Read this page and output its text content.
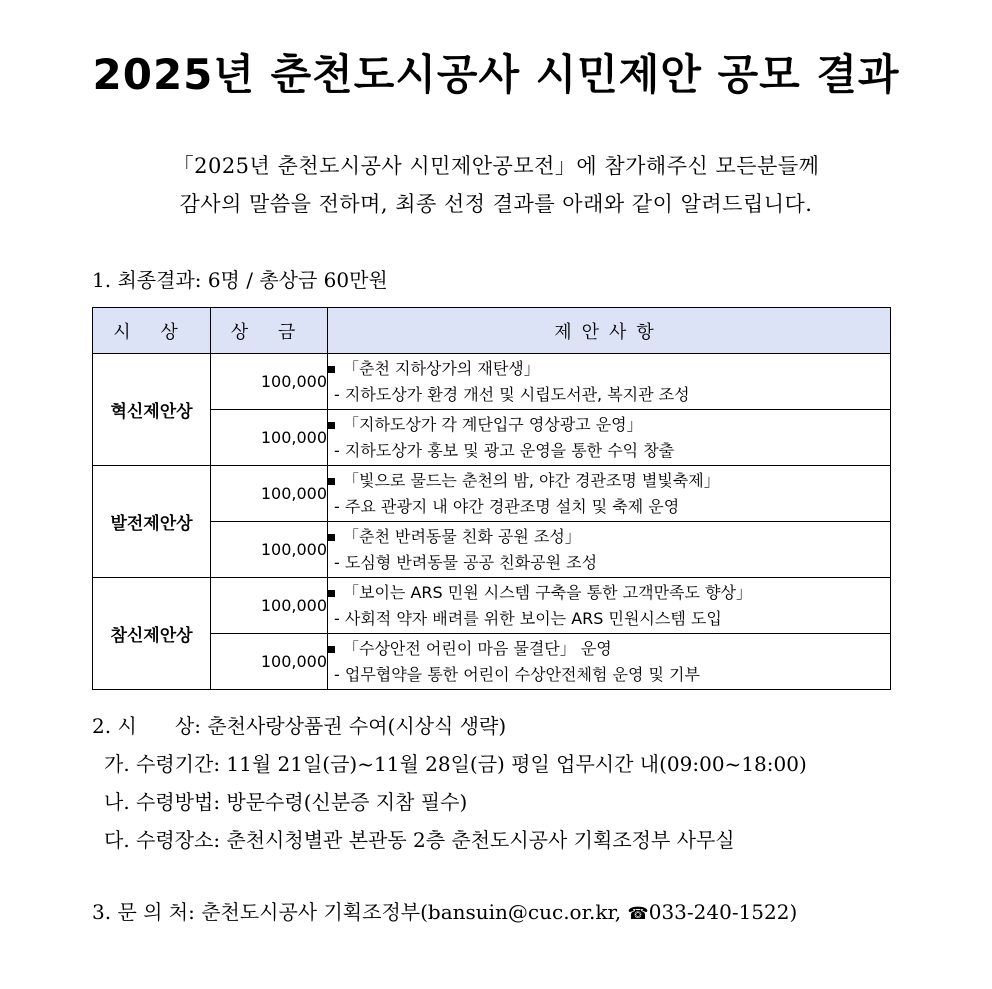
2025년 춘천도시공사 시민제안 공모 결과
「2025년 춘천도시공사 시민제안공모전」에 참가해주신 모든분들께
감사의 말씀을 전하며, 최종 선정 결과를 아래와 같이 알려드립니다.
1. 최종결과: 6명 / 총상금 60만원
시 상	상 금	제안사항
혁신제안상	100,000	「춘천 지하상가의 재탄생」
- 지하도상가 환경 개선 및 시립도서관, 복지관 조성

	100,000	「지하도상가 각 계단입구 영상광고 운영」
- 지하도상가 홍보 및 광고 운영을 통한 수익 창출

발전제안상	100,000	「빛으로 물드는 춘천의 밤, 야간 경관조명 별빛축제」
- 주요 관광지 내 야간 경관조명 설치 및 축제 운영

	100,000	「춘천 반려동물 친화 공원 조성」
- 도심형 반려동물 공공 친화공원 조성

참신제안상	100,000	「보이는 ARS 민원 시스템 구축을 통한 고객만족도 향상」
- 사회적 약자 배려를 위한 보이는 ARS 민원시스템 도입

	100,000	「수상안전 어린이 마음 물결단」 운영
- 업무협약을 통한 어린이 수상안전체험 운영 및 기부
2. 시      상: 춘천사랑상품권 수여(시상식 생략)
가. 수령기간: 11월 21일(금)~11월 28일(금) 평일 업무시간 내(09:00~18:00)
나. 수령방법: 방문수령(신분증 지참 필수)
다. 수령장소: 춘천시청별관 본관동 2층 춘천도시공사 기획조정부 사무실
3. 문 의 처: 춘천도시공사 기획조정부(bansuin@cuc.or.kr, ☎033-240-1522)
